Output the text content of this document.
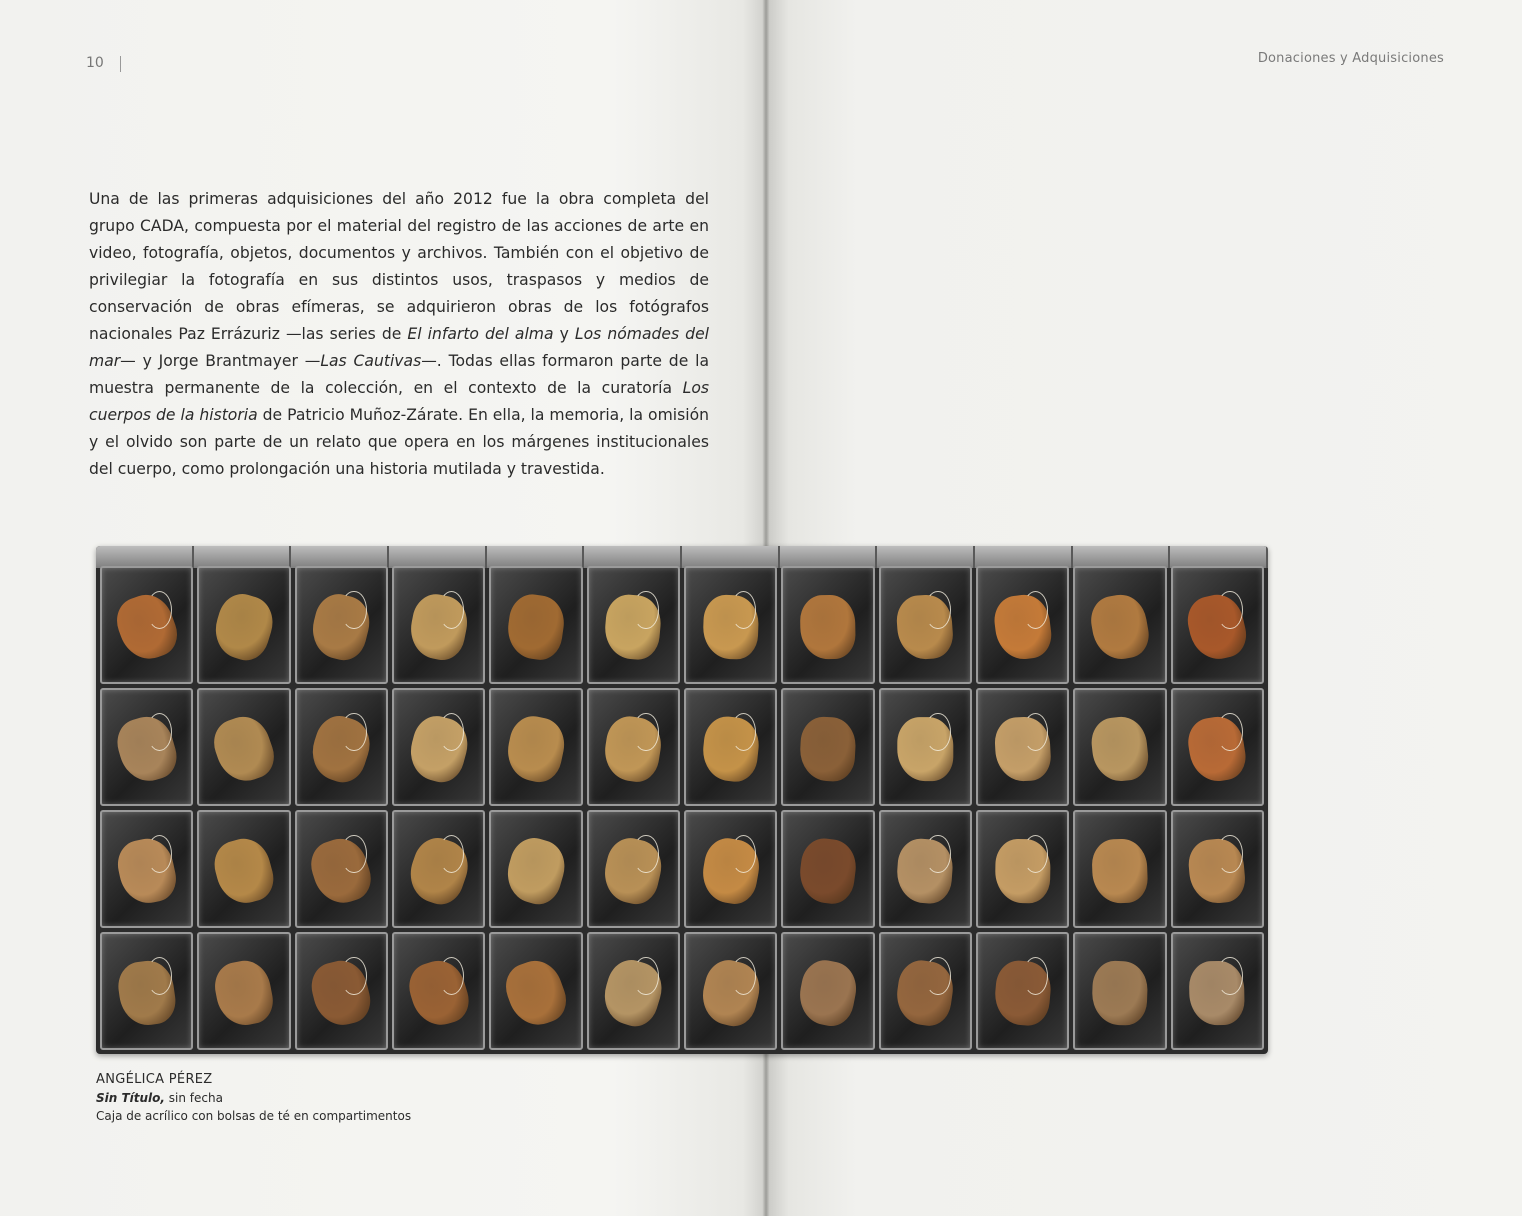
10

Una de las primeras adquisiciones del año 2012 fue la obra completa del grupo CADA, compuesta por el material del registro de las acciones de arte en video, fotografía, objetos, documentos y archivos. También con el objetivo de privilegiar la fotografía en sus distintos usos, traspasos y medios de conservación de obras efímeras, se adquirieron obras de los fotógrafos nacionales Paz Errázuriz —las series de El infarto del alma y Los nómades del mar— y Jorge Brantmayer —Las Cautivas—. Todas ellas formaron parte de la muestra permanente de la colección, en el contexto de la curatoría Los cuerpos de la historia de Patricio Muñoz-Zárate. En ella, la memoria, la omisión y el olvido son parte de un relato que opera en los márgenes institucionales del cuerpo, como prolongación una historia mutilada y travestida.

ANGÉLICA PÉREZ

Sin Título, sin fecha

Caja de acrílico con bolsas de té en compartimentos

Donaciones y Adquisiciones
